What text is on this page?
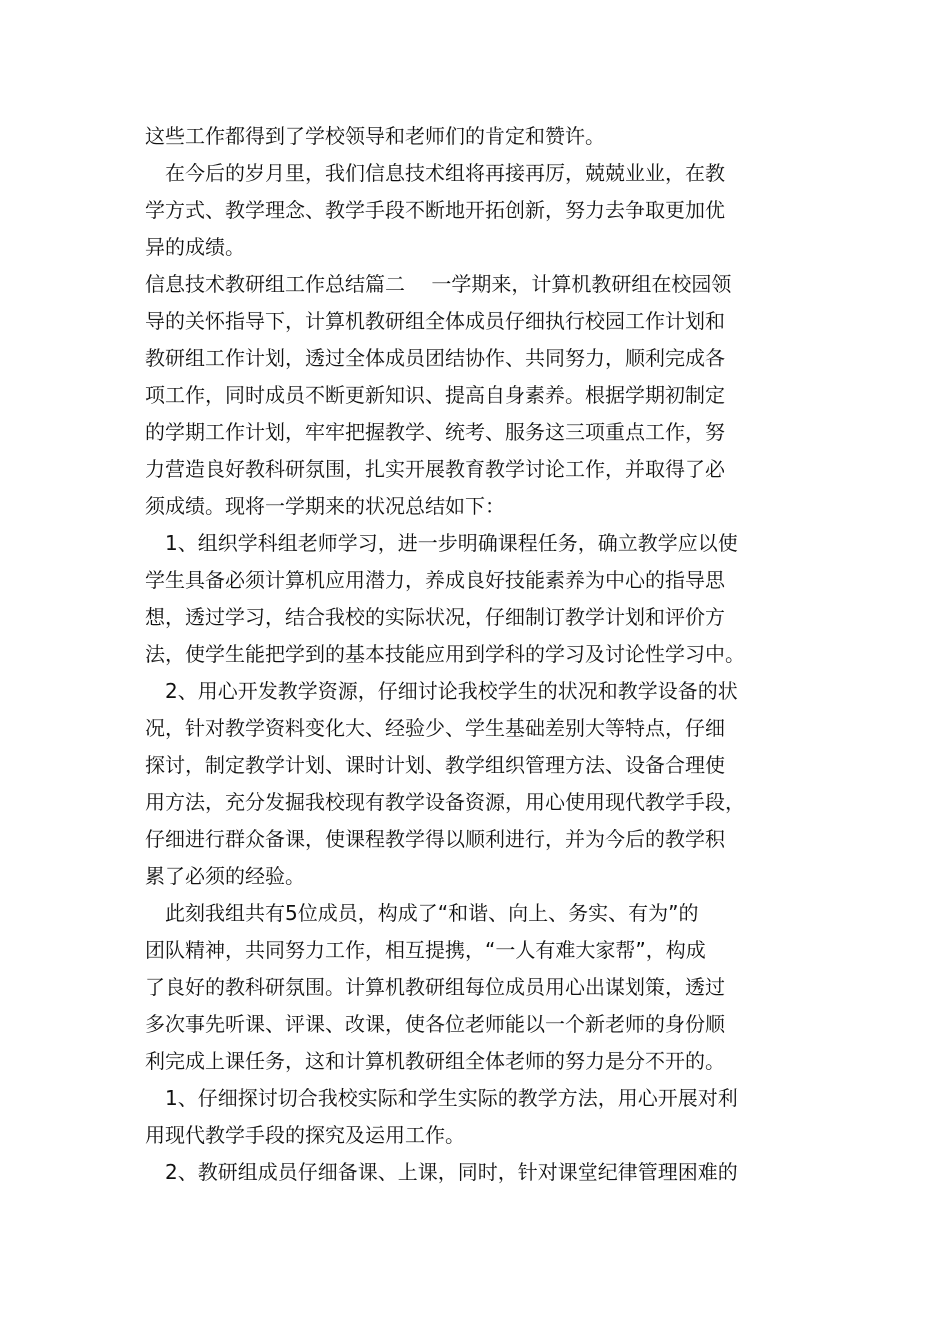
这些工作都得到了学校领导和老师们的肯定和赞许。
　在今后的岁月里，我们信息技术组将再接再厉，兢兢业业，在教
学方式、教学理念、教学手段不断地开拓创新，努力去争取更加优
异的成绩。
信息技术教研组工作总结篇二　 一学期来，计算机教研组在校园领
导的关怀指导下，计算机教研组全体成员仔细执行校园工作计划和
教研组工作计划，透过全体成员团结协作、共同努力，顺利完成各
项工作，同时成员不断更新知识、提高自身素养。根据学期初制定
的学期工作计划，牢牢把握教学、统考、服务这三项重点工作，努
力营造良好教科研氛围，扎实开展教育教学讨论工作，并取得了必
须成绩。现将一学期来的状况总结如下：
　1、组织学科组老师学习，进一步明确课程任务，确立教学应以使
学生具备必须计算机应用潜力，养成良好技能素养为中心的指导思
想，透过学习，结合我校的实际状况，仔细制订教学计划和评价方
法，使学生能把学到的基本技能应用到学科的学习及讨论性学习中。
　2、用心开发教学资源，仔细讨论我校学生的状况和教学设备的状
况，针对教学资料变化大、经验少、学生基础差别大等特点，仔细
探讨，制定教学计划、课时计划、教学组织管理方法、设备合理使
用方法，充分发掘我校现有教学设备资源，用心使用现代教学手段，
仔细进行群众备课，使课程教学得以顺利进行，并为今后的教学积
累了必须的经验。
　此刻我组共有5位成员，构成了“和谐、向上、务实、有为”的
团队精神，共同努力工作，相互提携，“一人有难大家帮”，构成
了良好的教科研氛围。计算机教研组每位成员用心出谋划策，透过
多次事先听课、评课、改课，使各位老师能以一个新老师的身份顺
利完成上课任务，这和计算机教研组全体老师的努力是分不开的。
　1、仔细探讨切合我校实际和学生实际的教学方法，用心开展对利
用现代教学手段的探究及运用工作。
　2、教研组成员仔细备课、上课，同时，针对课堂纪律管理困难的
